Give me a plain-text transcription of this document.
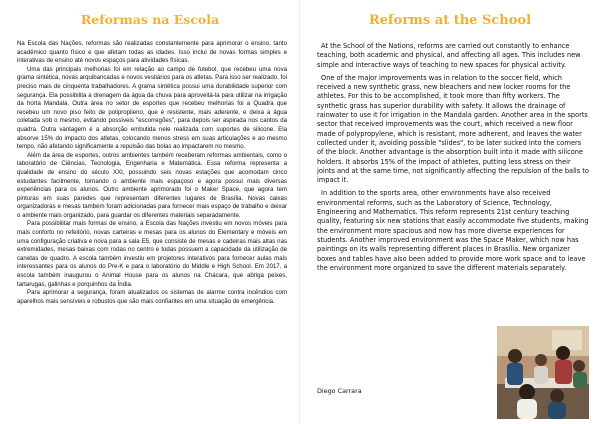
Reformas na Escola

Na Escola das Nações, reformas são realizadas constantemente para aprimorar o ensino, tanto acadêmico quanto físico e que afetam todas as idades. Isso inclui de novas formas simples e interativas de ensino até novos espaços para atividades físicas.

Uma das principais melhorias foi em relação ao campo de futebol, que recebeu uma nova grama sintética, novas arquibancadas e novos vestiários para os atletas. Para isso ser realizado, foi preciso mais de cinquenta trabalhadores. A grama sintética possui uma durabilidade superior com segurança. Ela possibilita a drenagem da água da chuva para aproveitá-la para utilizar na irrigação da horta Mandala. Outra área no setor de esportes que recebeu melhorias foi a Quadra que recebeu um novo piso feito de polipropileno, que é resistente, mais aderente, e deixa a água coletada sob o mesmo, evitando possíveis "escorregões", para depois ser aspirada nos cantos da quadra. Outra vantagem é a absorção embutida nele realizada com suportes de silicone. Ela absorve 15% do impacto dos atletas, colocando menos stress em suas articulações e ao mesmo tempo, não afetando significamente a repulsão das bolas ao impactarem no mesmo.

Além da área de esportes, outros ambientes também receberam reformas ambientais, como o laboratório de Ciências, Tecnologia, Engenharia e Matemática. Essa reforma representa a qualidade de ensino do século XXI, possuindo seis novas estações que acomodam cinco estudantes facilmente, tornando o ambiente mais espaçoso e agora possui mais diversas experiências para os alunos. Outro ambiente aprimorado foi o Maker Space, que agora tem pinturas em suas paredes que representam diferentes lugares de Brasília. Novas caixas organizadoras e mesas também foram adicionadas para fornecer mais espaço de trabalho e deixar o ambiente mais organizado, para guardar os diferentes materiais separadamente.

Para possibilitar mais formas de ensino, a Escola das Nações investiu em novos móveis para mais conforto no refeitório, novas carteiras e mesas para os alunos do Elementary e móveis em uma configuração criativa e nova para a sala E5, que consiste de mesas e cadeiras mais altas nas extremidades, mesas baixas com rodas no centro e todas possuem a capacidade da utilização de canetas de quadro. A escola também investiu em projetores interativos para fornecer aulas mais interessantes para os alunos do Pre-K e para o laboratório do Middle e High School. Em 2017, a escola também inaugurou o Animal House para os alunos na Chácara, que abriga peixes, tartarugas, galinhas e porquinhos da Índia.

Para aprimorar a segurança, foram atualizados os sistemas de alarme contra incêndios com aparelhos mais sensíveis e robustos que são mais confiantes em uma situação de emergência.

Reforms at the School

At the School of the Nations, reforms are carried out constantly to enhance teaching, both academic and physical, and affecting all ages. This includes new simple and interactive ways of teaching to new spaces for physical activity.

One of the major improvements was in relation to the soccer field, which received a new synthetic grass, new bleachers and new locker rooms for the athletes. For this to be accomplished, it took more than fifty workers. The synthetic grass has superior durability with safety. It allows the drainage of rainwater to use it for irrigation in the Mandala garden. Another area in the sports sector that received improvements was the court, which received a new floor made of polypropylene, which is resistant, more adherent, and leaves the water collected under it, avoiding possible "slides", to be later sucked into the corners of the block. Another advantage is the absorption built into it made with silicone holders. It absorbs 15% of the impact of athletes, putting less stress on their joints and at the same time, not significantly affecting the repulsion of the balls to impact it.

In addition to the sports area, other environments have also received environmental reforms, such as the Laboratory of Science, Technology, Engineering and Mathematics. This reform represents 21st century teaching quality, featuring six new stations that easily accommodate five students, making the environment more spacious and now has more diverse experiences for students. Another improved environment was the Space Maker, which now has paintings on its walls representing different places in Brasília. New organizer boxes and tables have also been added to provide more work space and to leave the environment more organized to save the different materials separately.

Diego Carrara
